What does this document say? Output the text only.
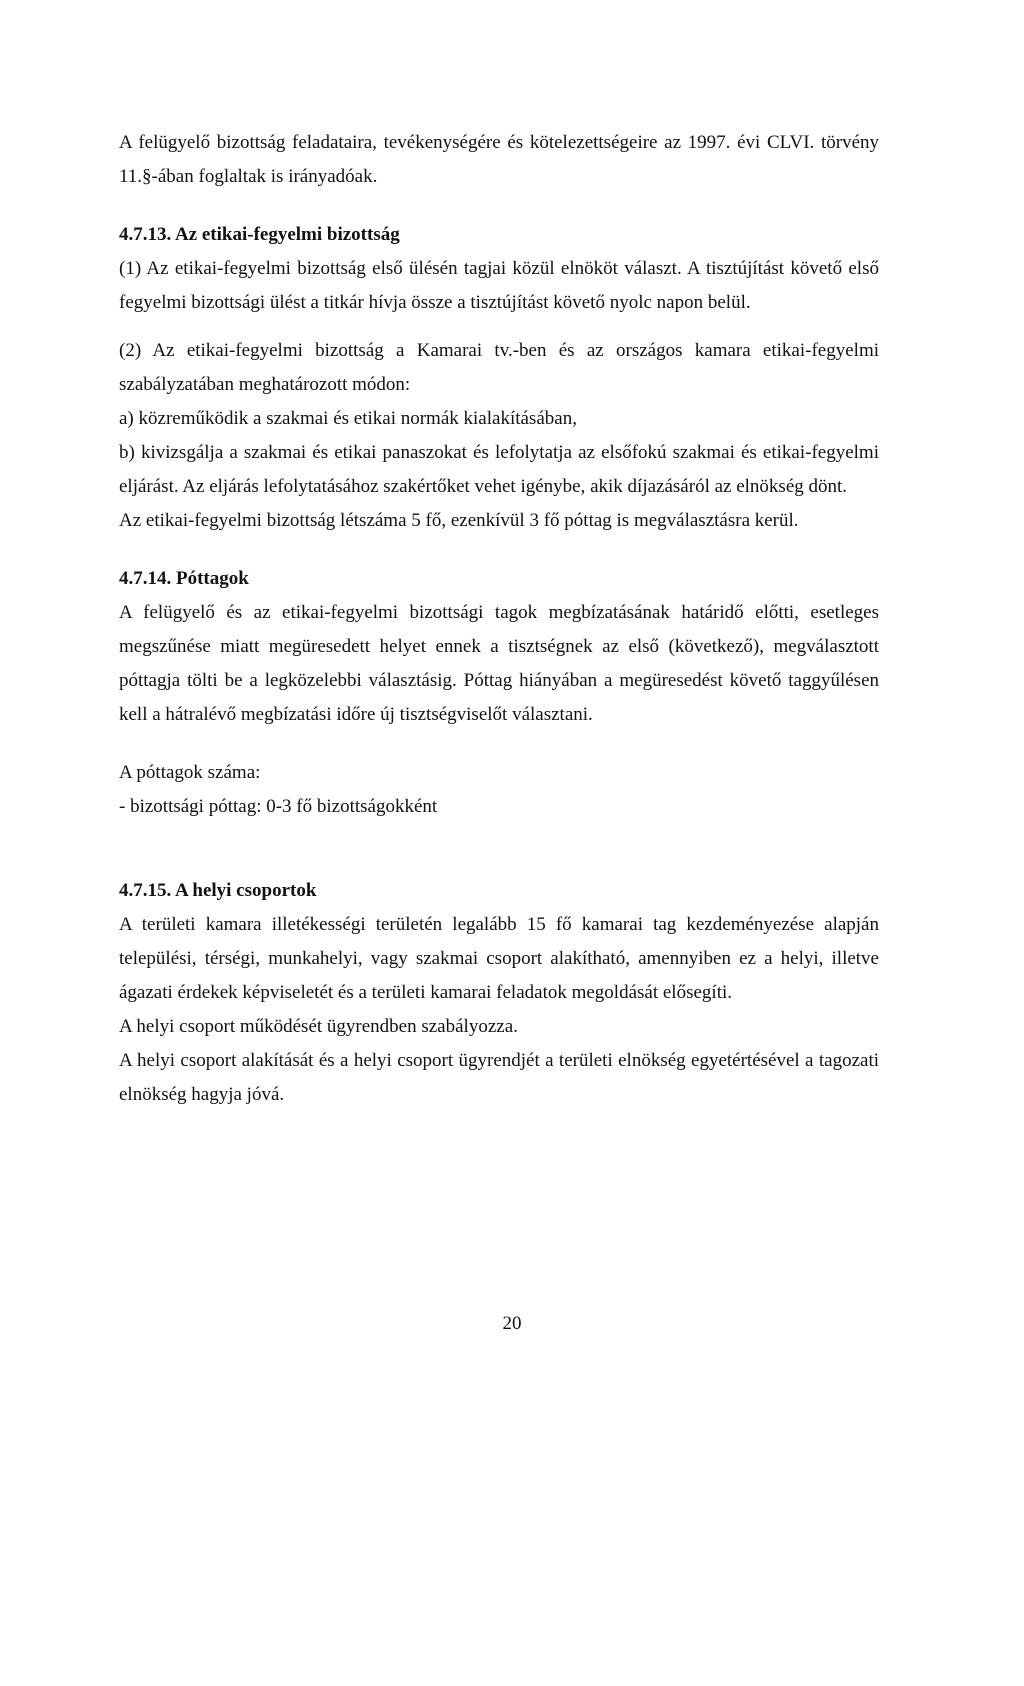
A felügyelő bizottság feladataira, tevékenységére és kötelezettségeire az 1997. évi CLVI. törvény 11.§-ában foglaltak is irányadóak.

4.7.13. Az etikai-fegyelmi bizottság

(1) Az etikai-fegyelmi bizottság első ülésén tagjai közül elnököt választ. A tisztújítást követő első fegyelmi bizottsági ülést a titkár hívja össze a tisztújítást követő nyolc napon belül.

(2) Az etikai-fegyelmi bizottság a Kamarai tv.-ben és az országos kamara etikai-fegyelmi szabályzatában meghatározott módon:

a) közreműködik a szakmai és etikai normák kialakításában,

b) kivizsgálja a szakmai és etikai panaszokat és lefolytatja az elsőfokú szakmai és etikai-fegyelmi eljárást. Az eljárás lefolytatásához szakértőket vehet igénybe, akik díjazásáról az elnökség dönt.

Az etikai-fegyelmi bizottság létszáma 5 fő, ezenkívül 3 fő póttag is megválasztásra kerül.

4.7.14. Póttagok

A felügyelő és az etikai-fegyelmi bizottsági tagok megbízatásának határidő előtti, esetleges megszűnése miatt megüresedett helyet ennek a tisztségnek az első (következő), megválasztott póttagja tölti be a legközelebbi választásig. Póttag hiányában a megüresedést követő taggyűlésen kell a hátralévő megbízatási időre új tisztségviselőt választani.

A póttagok száma:

- bizottsági póttag: 0-3 fő bizottságokként

4.7.15. A helyi csoportok

A területi kamara illetékességi területén legalább 15 fő kamarai tag kezdeményezése alapján települési, térségi, munkahelyi, vagy szakmai csoport alakítható, amennyiben ez a helyi, illetve ágazati érdekek képviseletét és a területi kamarai feladatok megoldását elősegíti.

A helyi csoport működését ügyrendben szabályozza.

A helyi csoport alakítását és a helyi csoport ügyrendjét a területi elnökség egyetértésével a tagozati elnökség hagyja jóvá.

20
